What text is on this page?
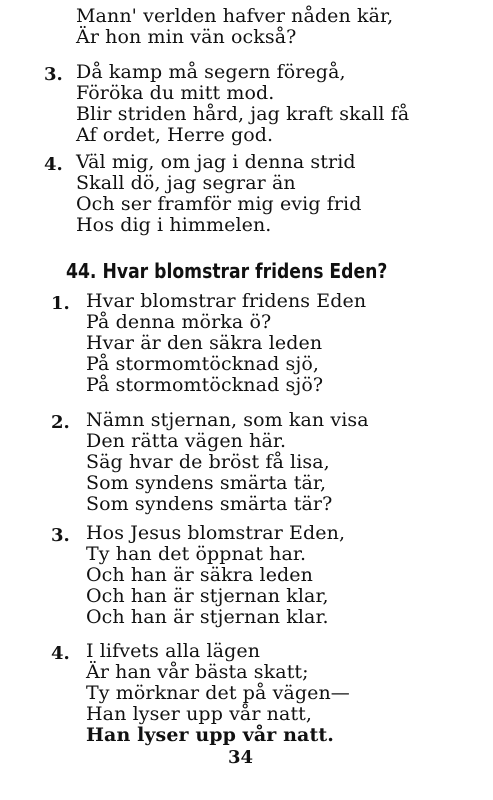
Mann' verlden hafver nåden kär,
Är hon min vän också?
3. Då kamp må segern föregå,
Föröka du mitt mod.
Blir striden hård, jag kraft skall få
Af ordet, Herre god.
4. Väl mig, om jag i denna strid
Skall dö, jag segrar än
Och ser framför mig evig frid
Hos dig i himmelen.
44. Hvar blomstrar fridens Eden?
1. Hvar blomstrar fridens Eden
På denna mörka ö?
Hvar är den säkra leden
På stormomtöcknad sjö,
På stormomtöcknad sjö?
2. Nämn stjernan, som kan visa
Den rätta vägen här.
Säg hvar de bröst få lisa,
Som syndens smärta tär,
Som syndens smärta tär?
3. Hos Jesus blomstrar Eden,
Ty han det öppnat har.
Och han är säkra leden
Och han är stjernan klar,
Och han är stjernan klar.
4. I lifvets alla lägen
Är han vår bästa skatt;
Ty mörknar det på vägen—
Han lyser upp vår natt,
Han lyser upp vår natt.
34
